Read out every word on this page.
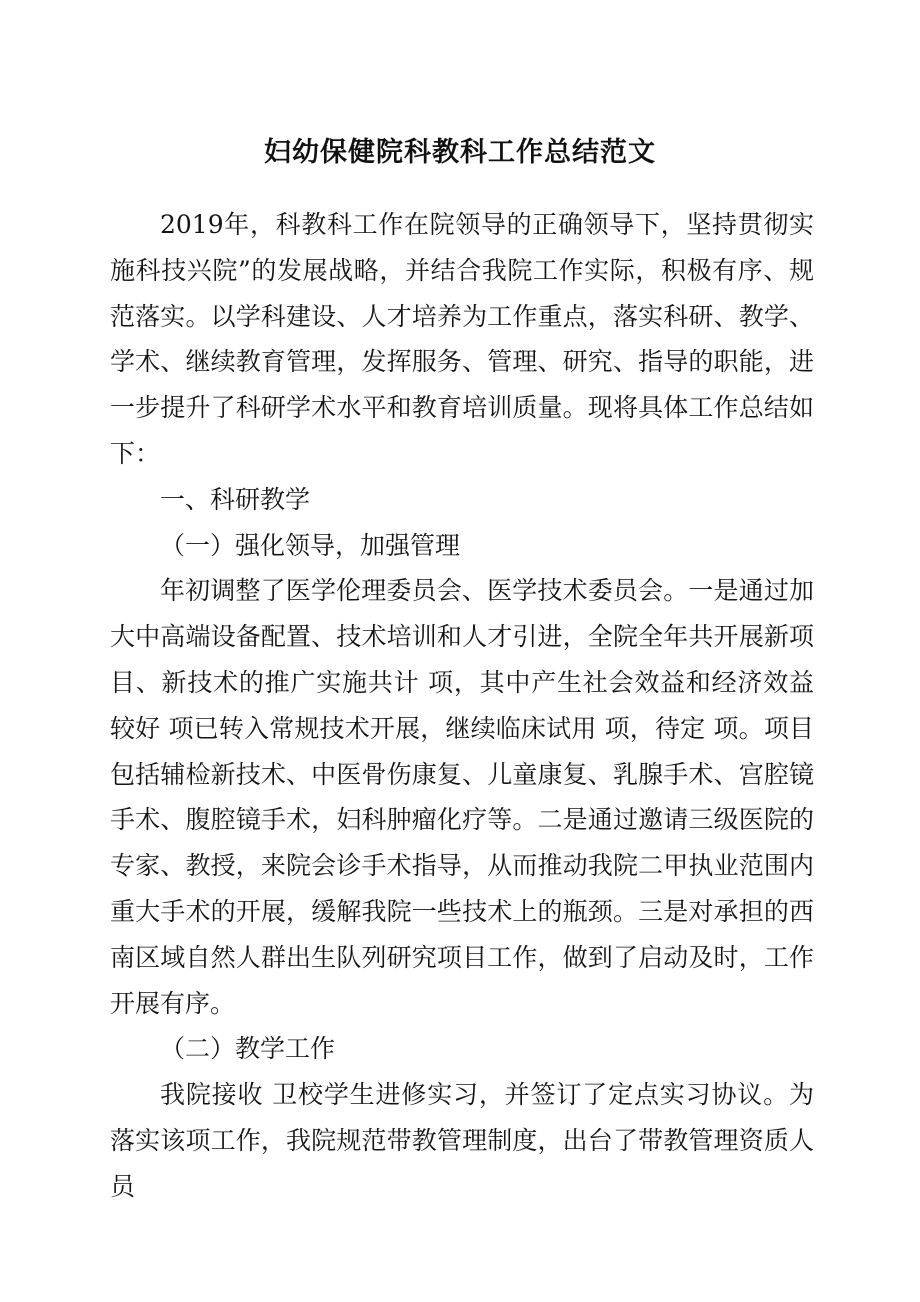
妇幼保健院科教科工作总结范文

2019年，科教科工作在院领导的正确领导下，坚持贯彻实施科技兴院”的发展战略，并结合我院工作实际，积极有序、规范落实。以学科建设、人才培养为工作重点，落实科研、教学、学术、继续教育管理，发挥服务、管理、研究、指导的职能，进一步提升了科研学术水平和教育培训质量。现将具体工作总结如下：

一、科研教学

（一）强化领导，加强管理

年初调整了医学伦理委员会、医学技术委员会。一是通过加大中高端设备配置、技术培训和人才引进，全院全年共开展新项目、新技术的推广实施共计 项，其中产生社会效益和经济效益较好 项已转入常规技术开展，继续临床试用 项，待定 项。项目包括辅检新技术、中医骨伤康复、儿童康复、乳腺手术、宫腔镜手术、腹腔镜手术，妇科肿瘤化疗等。二是通过邀请三级医院的专家、教授，来院会诊手术指导，从而推动我院二甲执业范围内重大手术的开展，缓解我院一些技术上的瓶颈。三是对承担的西南区域自然人群出生队列研究项目工作，做到了启动及时，工作开展有序。

（二）教学工作

我院接收 卫校学生进修实习，并签订了定点实习协议。为落实该项工作，我院规范带教管理制度，出台了带教管理资质人员
